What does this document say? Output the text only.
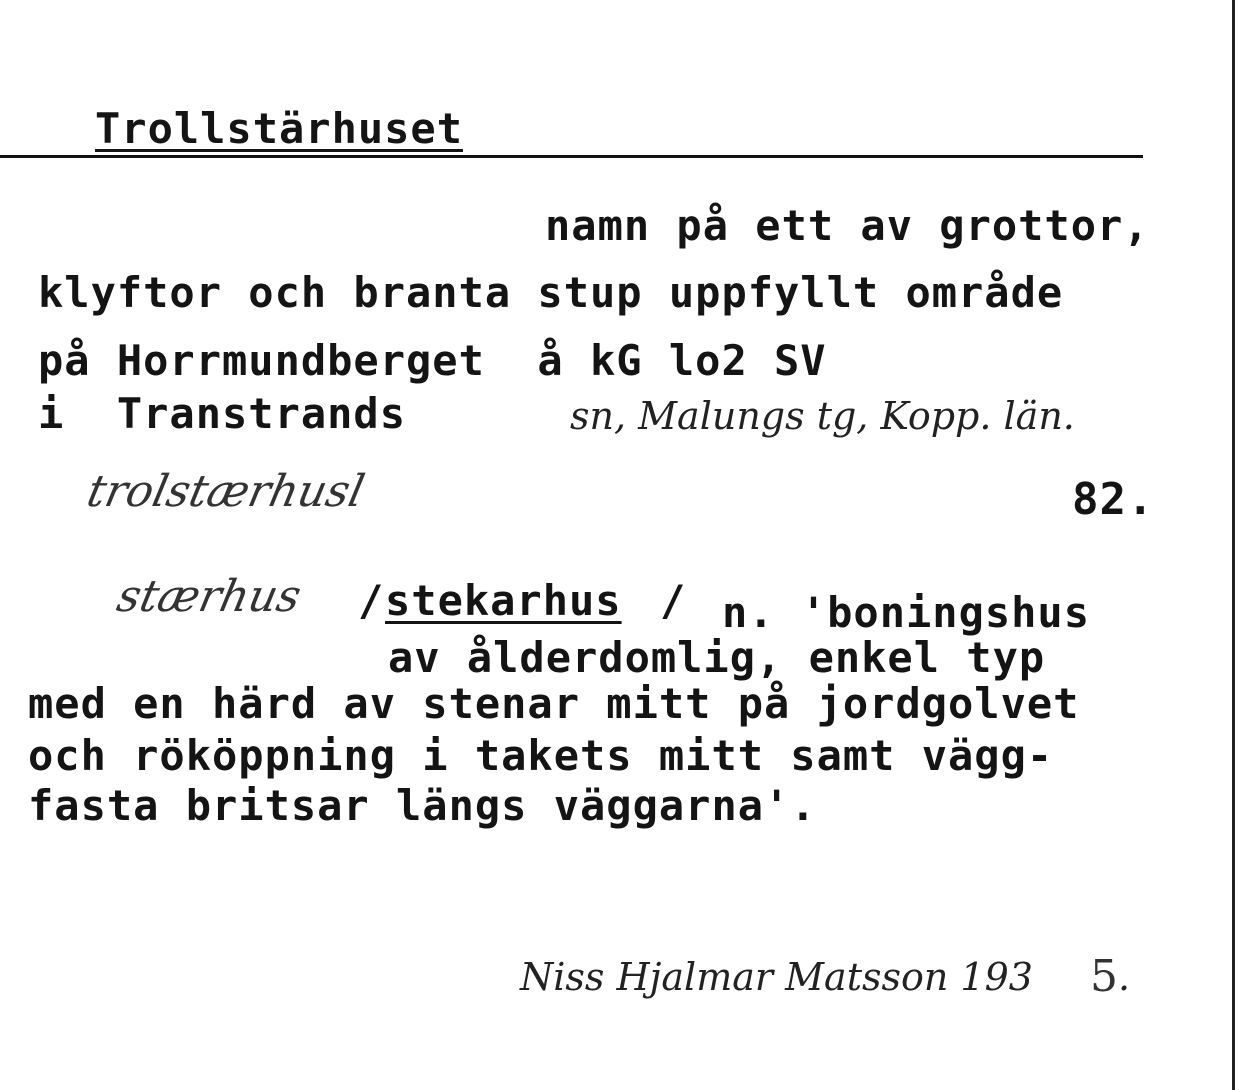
Trollstärhuset
namn på ett av grottor,
klyftor och branta stup uppfyllt område
på Horrmundberget  å kG lo2 SV
i  Transtrands	sn, Malungs tg, Kopp. län.
trolstærhusl	82.
stærhus / stekarhus / n. 'boningshus
av ålderdomlig, enkel typ
med en härd av stenar mitt på jordgolvet
och rököppning i takets mitt samt vägg-
fasta britsar längs väggarna'.
Niss Hjalmar Matsson 193 5 .
